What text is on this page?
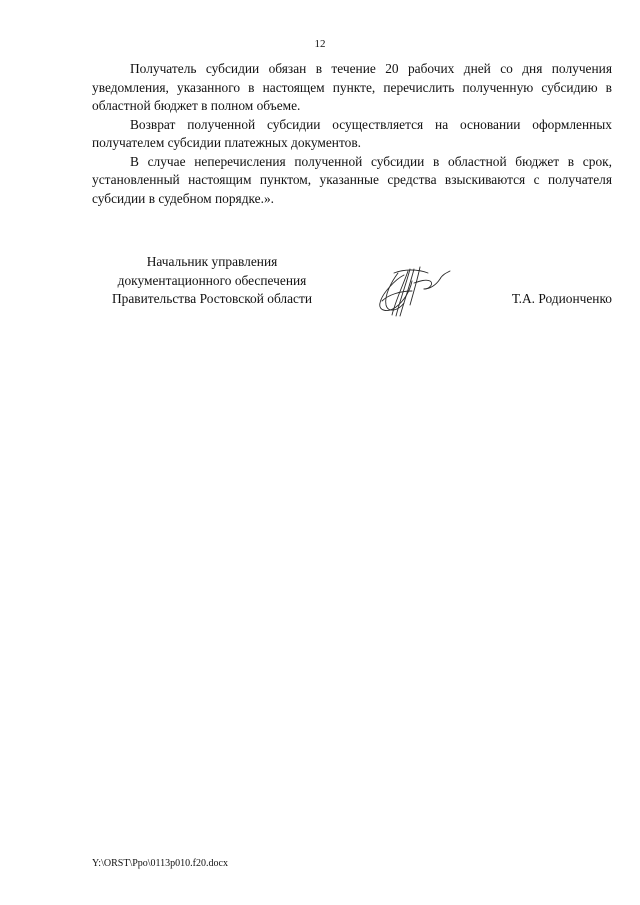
12

Получатель субсидии обязан в течение 20 рабочих дней со дня получения уведомления, указанного в настоящем пункте, перечислить полученную субсидию в областной бюджет в полном объеме.

Возврат полученной субсидии осуществляется на основании оформленных получателем субсидии платежных документов.

В случае неперечисления полученной субсидии в областной бюджет в срок, установленный настоящим пунктом, указанные средства взыскиваются с получателя субсидии в судебном порядке.».

Начальник управления
документационного обеспечения
Правительства Ростовской области	Т.А. Родионченко
Y:\ORST\Ppo\0113p010.f20.docx
